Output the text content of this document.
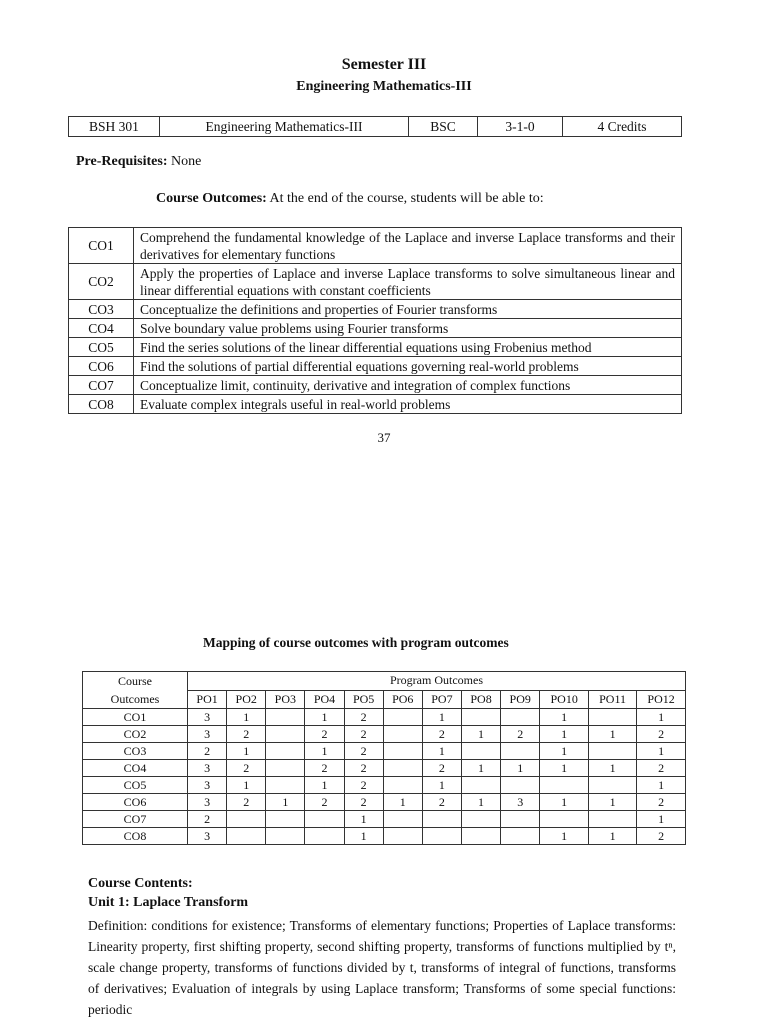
Semester III
Engineering Mathematics-III
BSH 301	Engineering Mathematics-III	BSC	3-1-0	4 Credits
Pre-Requisites: None
Course Outcomes: At the end of the course, students will be able to:
CO1	Comprehend the fundamental knowledge of the Laplace and inverse Laplace transforms and their derivatives for elementary functions
CO2	Apply the properties of Laplace and inverse Laplace transforms to solve simultaneous linear and linear differential equations with constant coefficients
CO3	Conceptualize the definitions and properties of Fourier transforms
CO4	Solve boundary value problems using Fourier transforms
CO5	Find the series solutions of the linear differential equations using Frobenius method
CO6	Find the solutions of partial differential equations governing real-world problems
CO7	Conceptualize limit, continuity, derivative and integration of complex functions
CO8	Evaluate complex integrals useful in real-world problems
37
Mapping of course outcomes with program outcomes
Course
Outcomes	Program Outcomes											
	PO1	PO2	PO3	PO4	PO5	PO6	PO7	PO8	PO9	PO10	PO11	PO12
CO1	3	1		1	2		1			1		1
CO2	3	2		2	2		2	1	2	1	1	2
CO3	2	1		1	2		1			1		1
CO4	3	2		2	2		2	1	1	1	1	2
CO5	3	1		1	2		1					1
CO6	3	2	1	2	2	1	2	1	3	1	1	2
CO7	2				1							1
CO8	3				1					1	1	2
Course Contents:
Unit 1: Laplace Transform
Definition: conditions for existence; Transforms of elementary functions; Properties of Laplace transforms: Linearity property, first shifting property, second shifting property, transforms of functions multiplied by tⁿ, scale change property, transforms of functions divided by t, transforms of integral of functions, transforms of derivatives; Evaluation of integrals by using Laplace transform; Transforms of some special functions: periodic
